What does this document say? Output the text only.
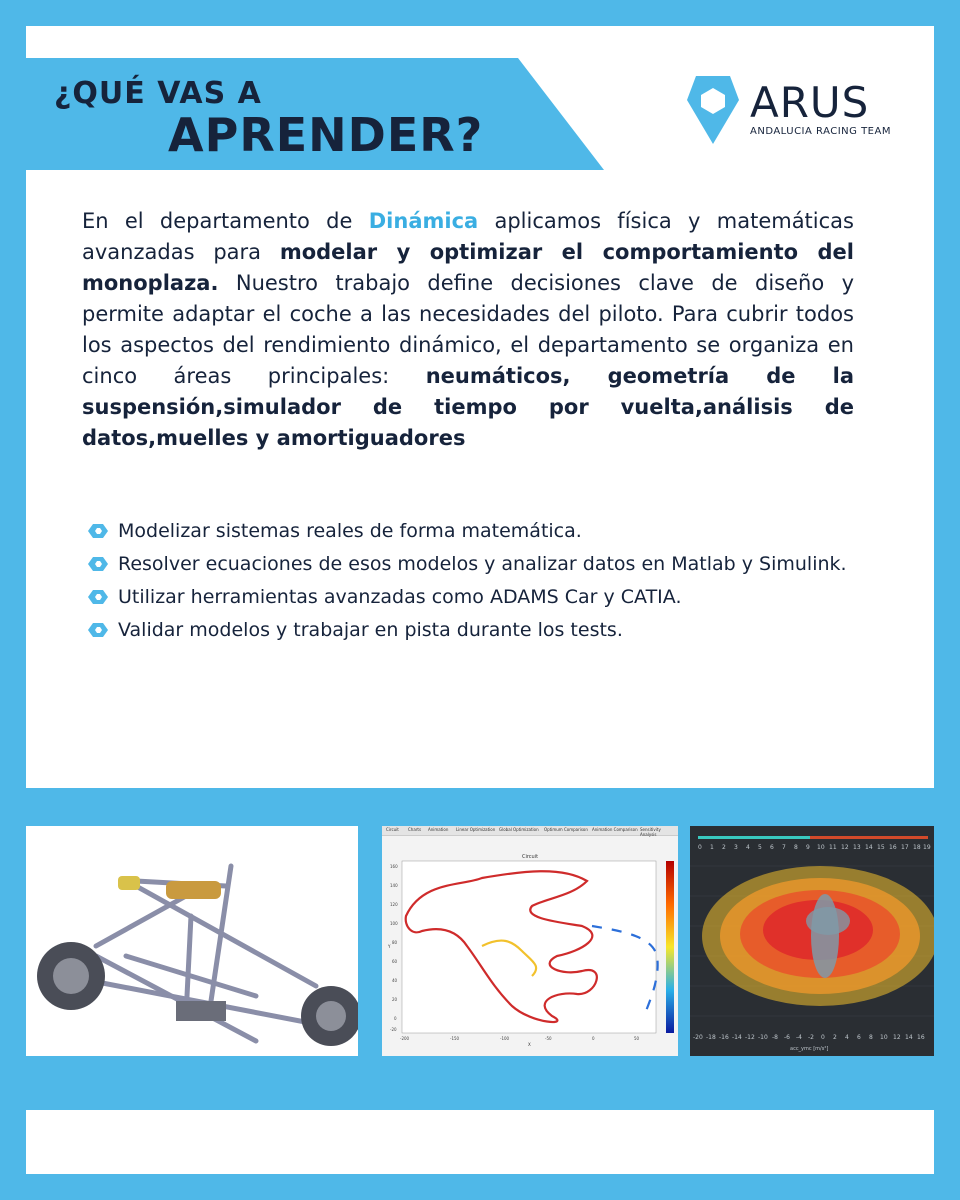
¿QUÉ VAS A
APRENDER?
ARUS
ANDALUCIA RACING TEAM
En el departamento de Dinámica aplicamos física y matemáticas avanzadas para modelar y optimizar el comportamiento del monoplaza. Nuestro trabajo define decisiones clave de diseño y permite adaptar el coche a las necesidades del piloto. Para cubrir todos los aspectos del rendimiento dinámico, el departamento se organiza en cinco áreas principales: neumáticos, geometría de la suspensión,simulador de tiempo por vuelta,análisis de datos,muelles y amortiguadores
Modelizar sistemas reales de forma matemática.
Resolver ecuaciones de esos modelos y analizar datos en Matlab y Simulink.
Utilizar herramientas avanzadas como ADAMS Car y CATIA.
Validar modelos y trabajar en pista durante los tests.
Circuit Charts Animation Linear Optimization Global Optimization Optimum Comparison Animation Comparison Sensitivity Analysis
Circuit
160
140
120
100
80
60
40
20
0
-20
-200	-150	-100	-50	0	50
X
Y
0 1 2 3 4 5 6 7 8 9 10 11 12 13 14 15 16 17 18 19
-20 -18 -16 -14 -12 -10 -8 -6 -4 -2 0 2 4 6 8 10 12 14 16
acc_ymc [m/s²]
